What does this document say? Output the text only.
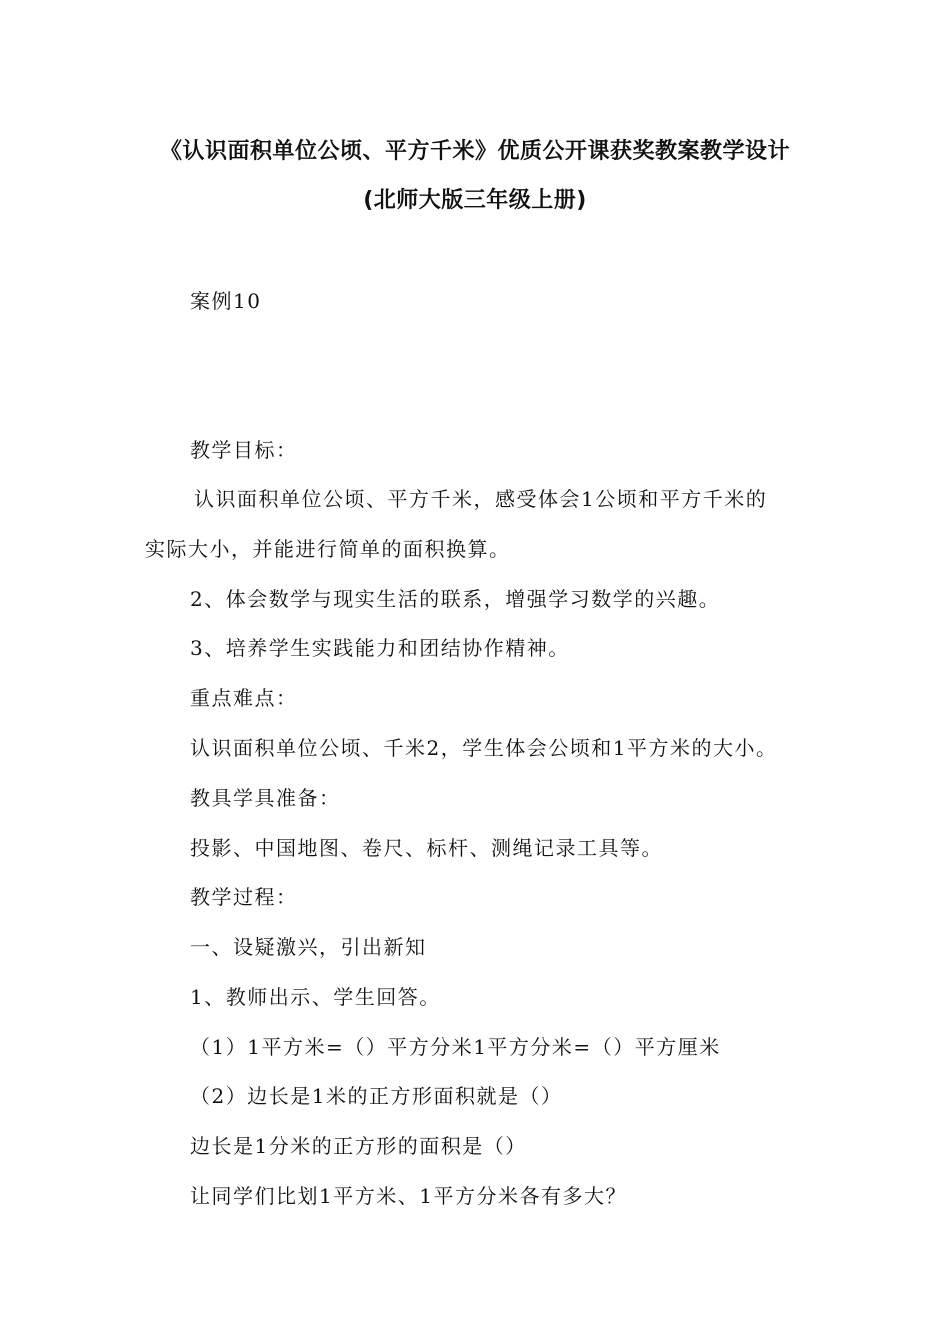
《认识面积单位公顷、平方千米》优质公开课获奖教案教学设计
(北师大版三年级上册)
案例10
教学目标：
认识面积单位公顷、平方千米，感受体会1公顷和平方千米的
实际大小，并能进行简单的面积换算。
2、体会数学与现实生活的联系，增强学习数学的兴趣。
3、培养学生实践能力和团结协作精神。
重点难点：
认识面积单位公顷、千米2，学生体会公顷和1平方米的大小。
教具学具准备：
投影、中国地图、卷尺、标杆、测绳记录工具等。
教学过程：
一、设疑激兴，引出新知
1、教师出示、学生回答。
（1）1平方米=（）平方分米1平方分米=（）平方厘米
（2）边长是1米的正方形面积就是（）
边长是1分米的正方形的面积是（）
让同学们比划1平方米、1平方分米各有多大？
